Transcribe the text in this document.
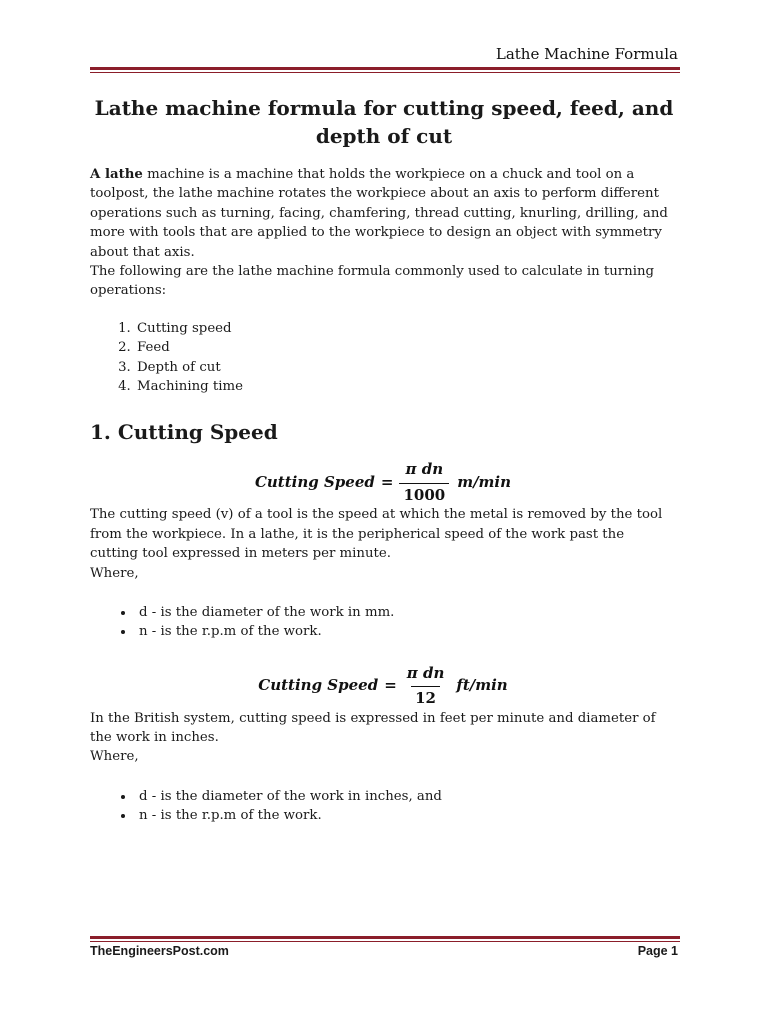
Lathe Machine Formula
Lathe machine formula for cutting speed, feed, and depth of cut

A lathe machine is a machine that holds the workpiece on a chuck and tool on a toolpost, the lathe machine rotates the workpiece about an axis to perform different operations such as turning, facing, chamfering, thread cutting, knurling, drilling, and more with tools that are applied to the workpiece to design an object with symmetry about that axis.

The following are the lathe machine formula commonly used to calculate in turning operations:

1. Cutting speed
2. Feed
3. Depth of cut
4. Machining time
1. Cutting Speed
Cutting Speed = $\frac{\text{π dn}}{1000} m/\min$

The cutting speed (v) of a tool is the speed at which the metal is removed by the tool from the workpiece. In a lathe, it is the peripherical speed of the work past the cutting tool expressed in meters per minute.

Where,

• d - is the diameter of the work in mm.
• n - is the r.p.m of the work.
Cutting Speed = $\frac{\text{π dn}}{12} ft/\min$

In the British system, cutting speed is expressed in feet per minute and diameter of the work in inches.

Where,

• d - is the diameter of the work in inches, and
• n - is the r.p.m of the work.
TheEngineersPost.com	Page 1
